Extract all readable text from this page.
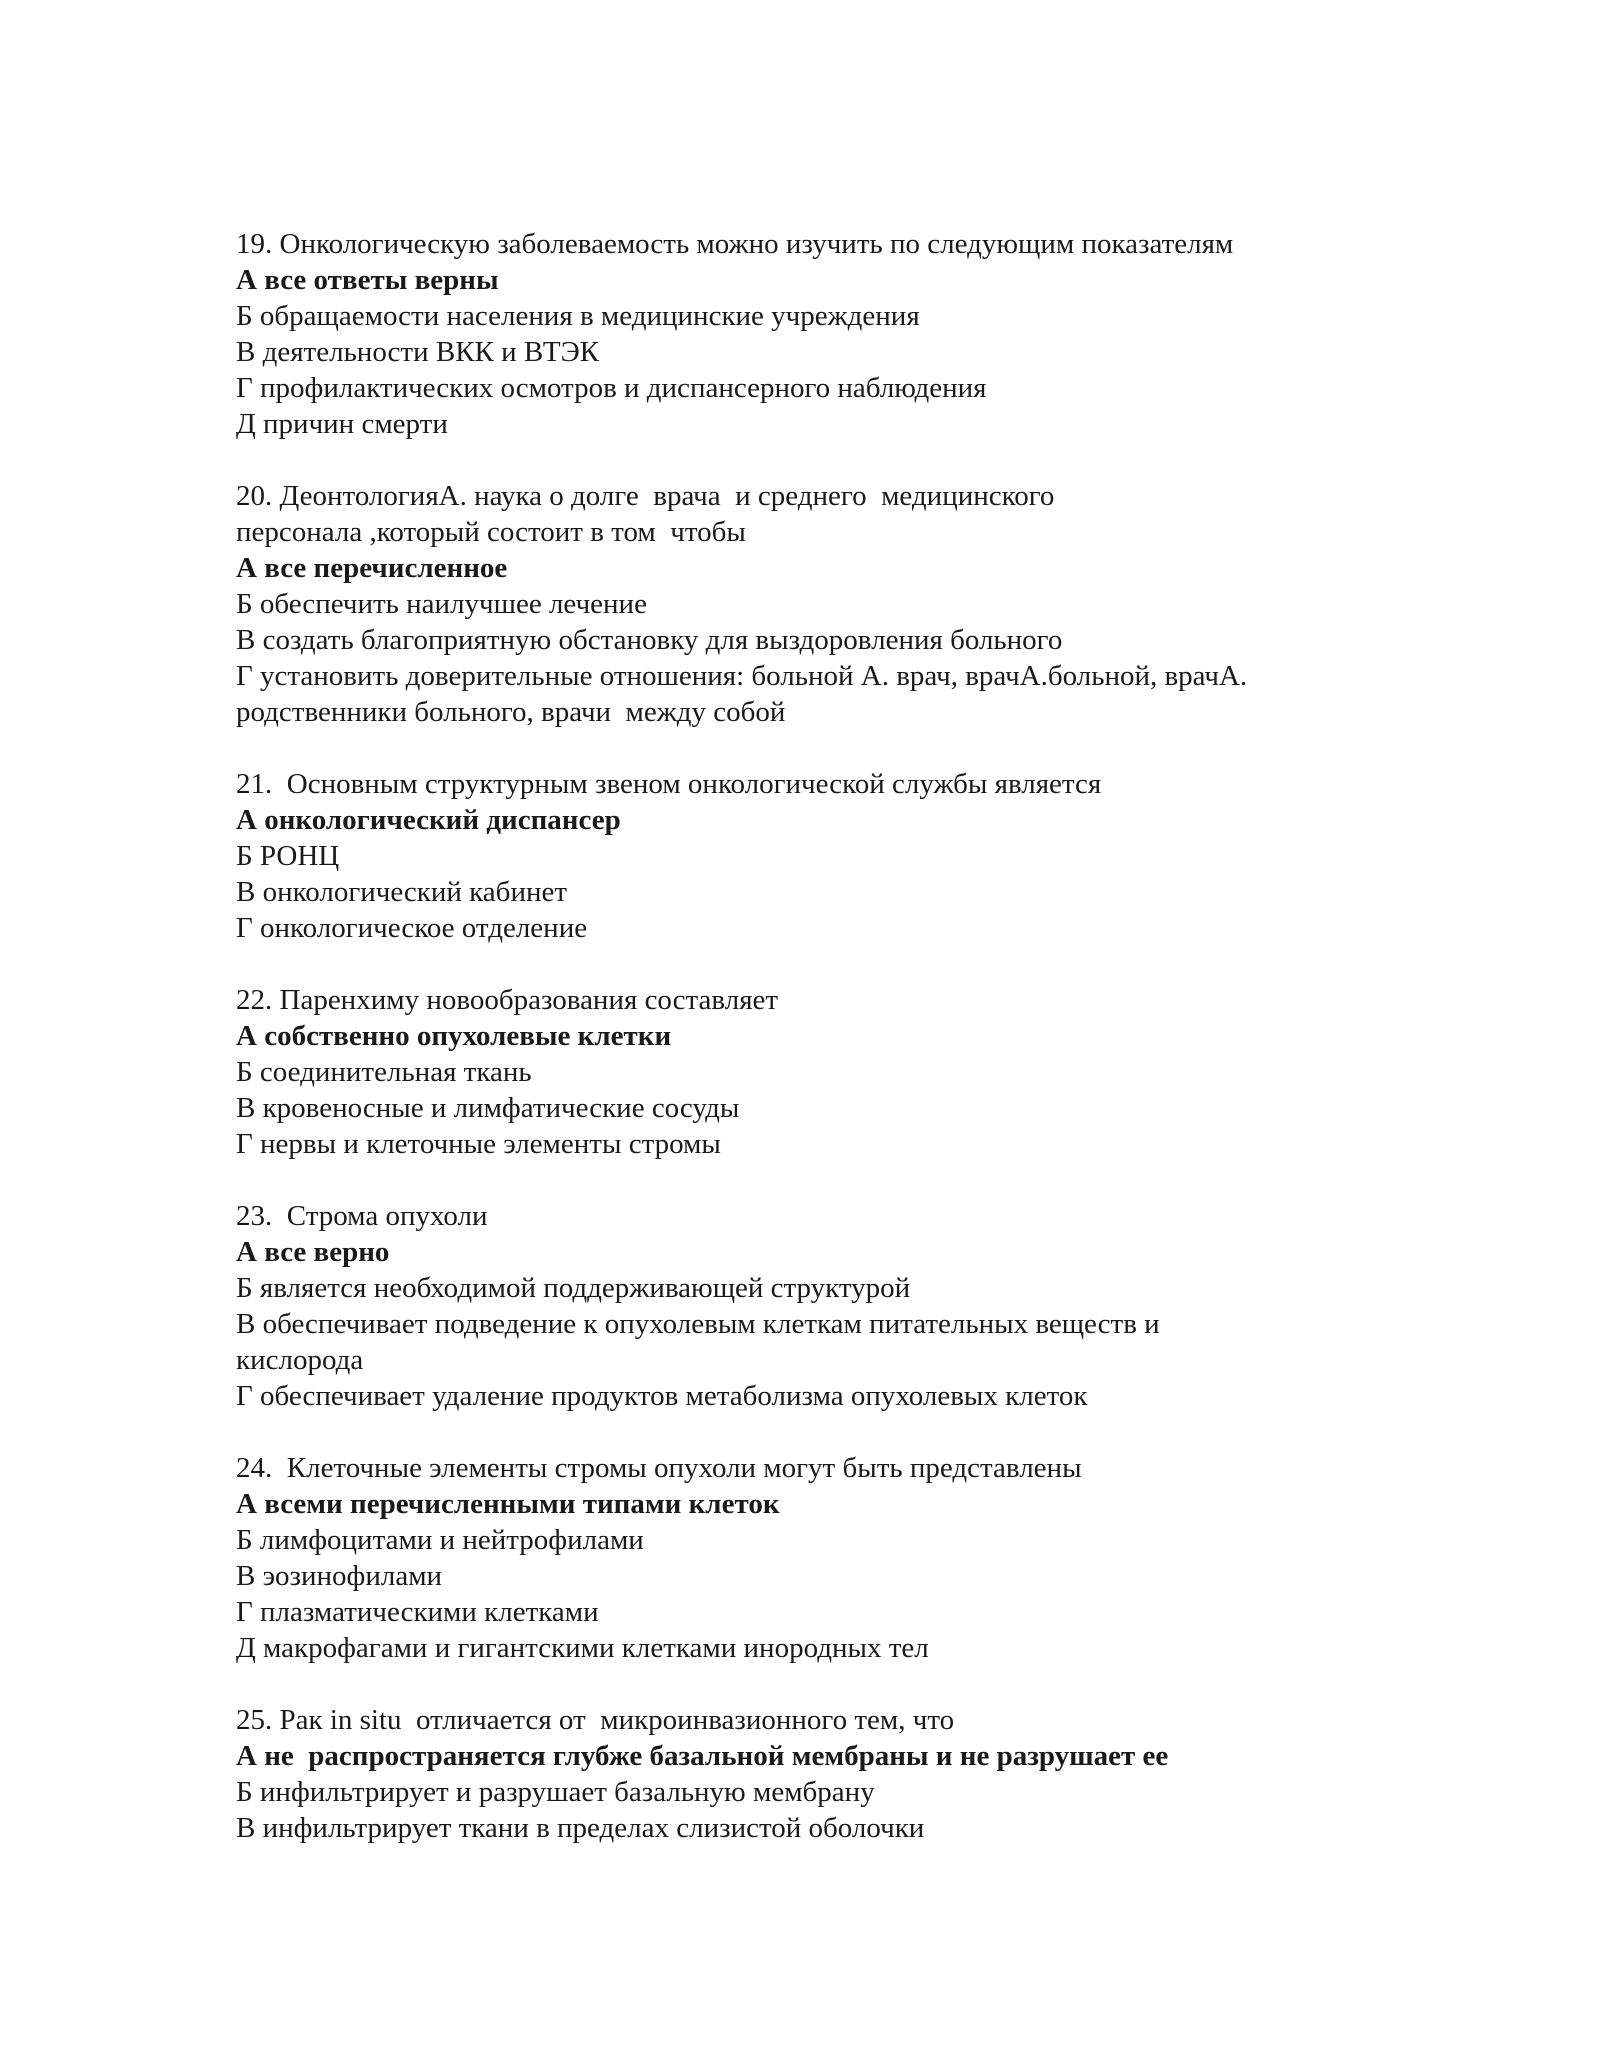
19. Онкологическую заболеваемость можно изучить по следующим показателям

А все ответы верны

Б обращаемости населения в медицинские учреждения

В деятельности ВКК и ВТЭК

Г профилактических осмотров и диспансерного наблюдения

Д причин смерти

20. ДеонтологияА. наука о долге  врача  и среднего  медицинского

персонала ,который состоит в том  чтобы

А все перечисленное

Б обеспечить наилучшее лечение

В создать благоприятную обстановку для выздоровления больного

Г установить доверительные отношения: больной А. врач, врачА.больной, врачА.

родственники больного, врачи  между собой

21.  Основным структурным звеном онкологической службы является

А онкологический диспансер

Б РОНЦ

В онкологический кабинет

Г онкологическое отделение

22. Паренхиму новообразования составляет

А собственно опухолевые клетки

Б соединительная ткань

В кровеносные и лимфатические сосуды

Г нервы и клеточные элементы стромы

23.  Строма опухоли

А все верно

Б является необходимой поддерживающей структурой

В обеспечивает подведение к опухолевым клеткам питательных веществ и

кислорода

Г обеспечивает удаление продуктов метаболизма опухолевых клеток

24.  Клеточные элементы стромы опухоли могут быть представлены

А всеми перечисленными типами клеток

Б лимфоцитами и нейтрофилами

В эозинофилами

Г плазматическими клетками

Д макрофагами и гигантскими клетками инородных тел

25. Рак in situ  отличается от  микроинвазионного тем, что

А не  распространяется глубже базальной мембраны и не разрушает ее

Б инфильтрирует и разрушает базальную мембрану

В инфильтрирует ткани в пределах слизистой оболочки
